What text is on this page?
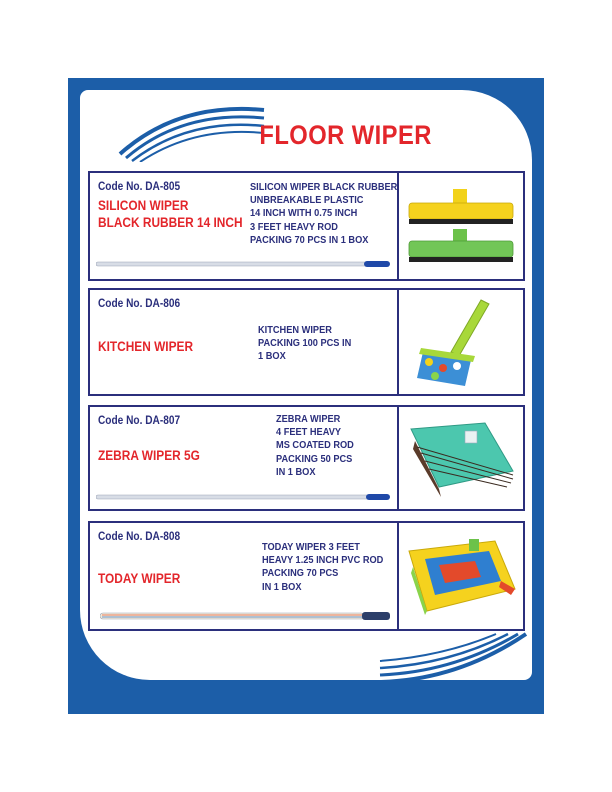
FLOOR WIPER
Code No. DA-805
SILICON WIPER
BLACK RUBBER 14 INCH
SILICON WIPER BLACK RUBBER
UNBREAKABLE PLASTIC
14 INCH WITH 0.75 INCH
3 FEET HEAVY ROD
PACKING 70 PCS IN 1 BOX
Code No. DA-806
KITCHEN WIPER
KITCHEN WIPER
PACKING 100 PCS IN
1 BOX
Code No. DA-807
ZEBRA WIPER 5G
ZEBRA WIPER
4 FEET HEAVY
MS COATED ROD
PACKING 50 PCS
IN 1 BOX
Code No. DA-808
TODAY WIPER
TODAY WIPER 3 FEET
HEAVY 1.25 INCH PVC ROD
PACKING 70 PCS
IN 1 BOX
